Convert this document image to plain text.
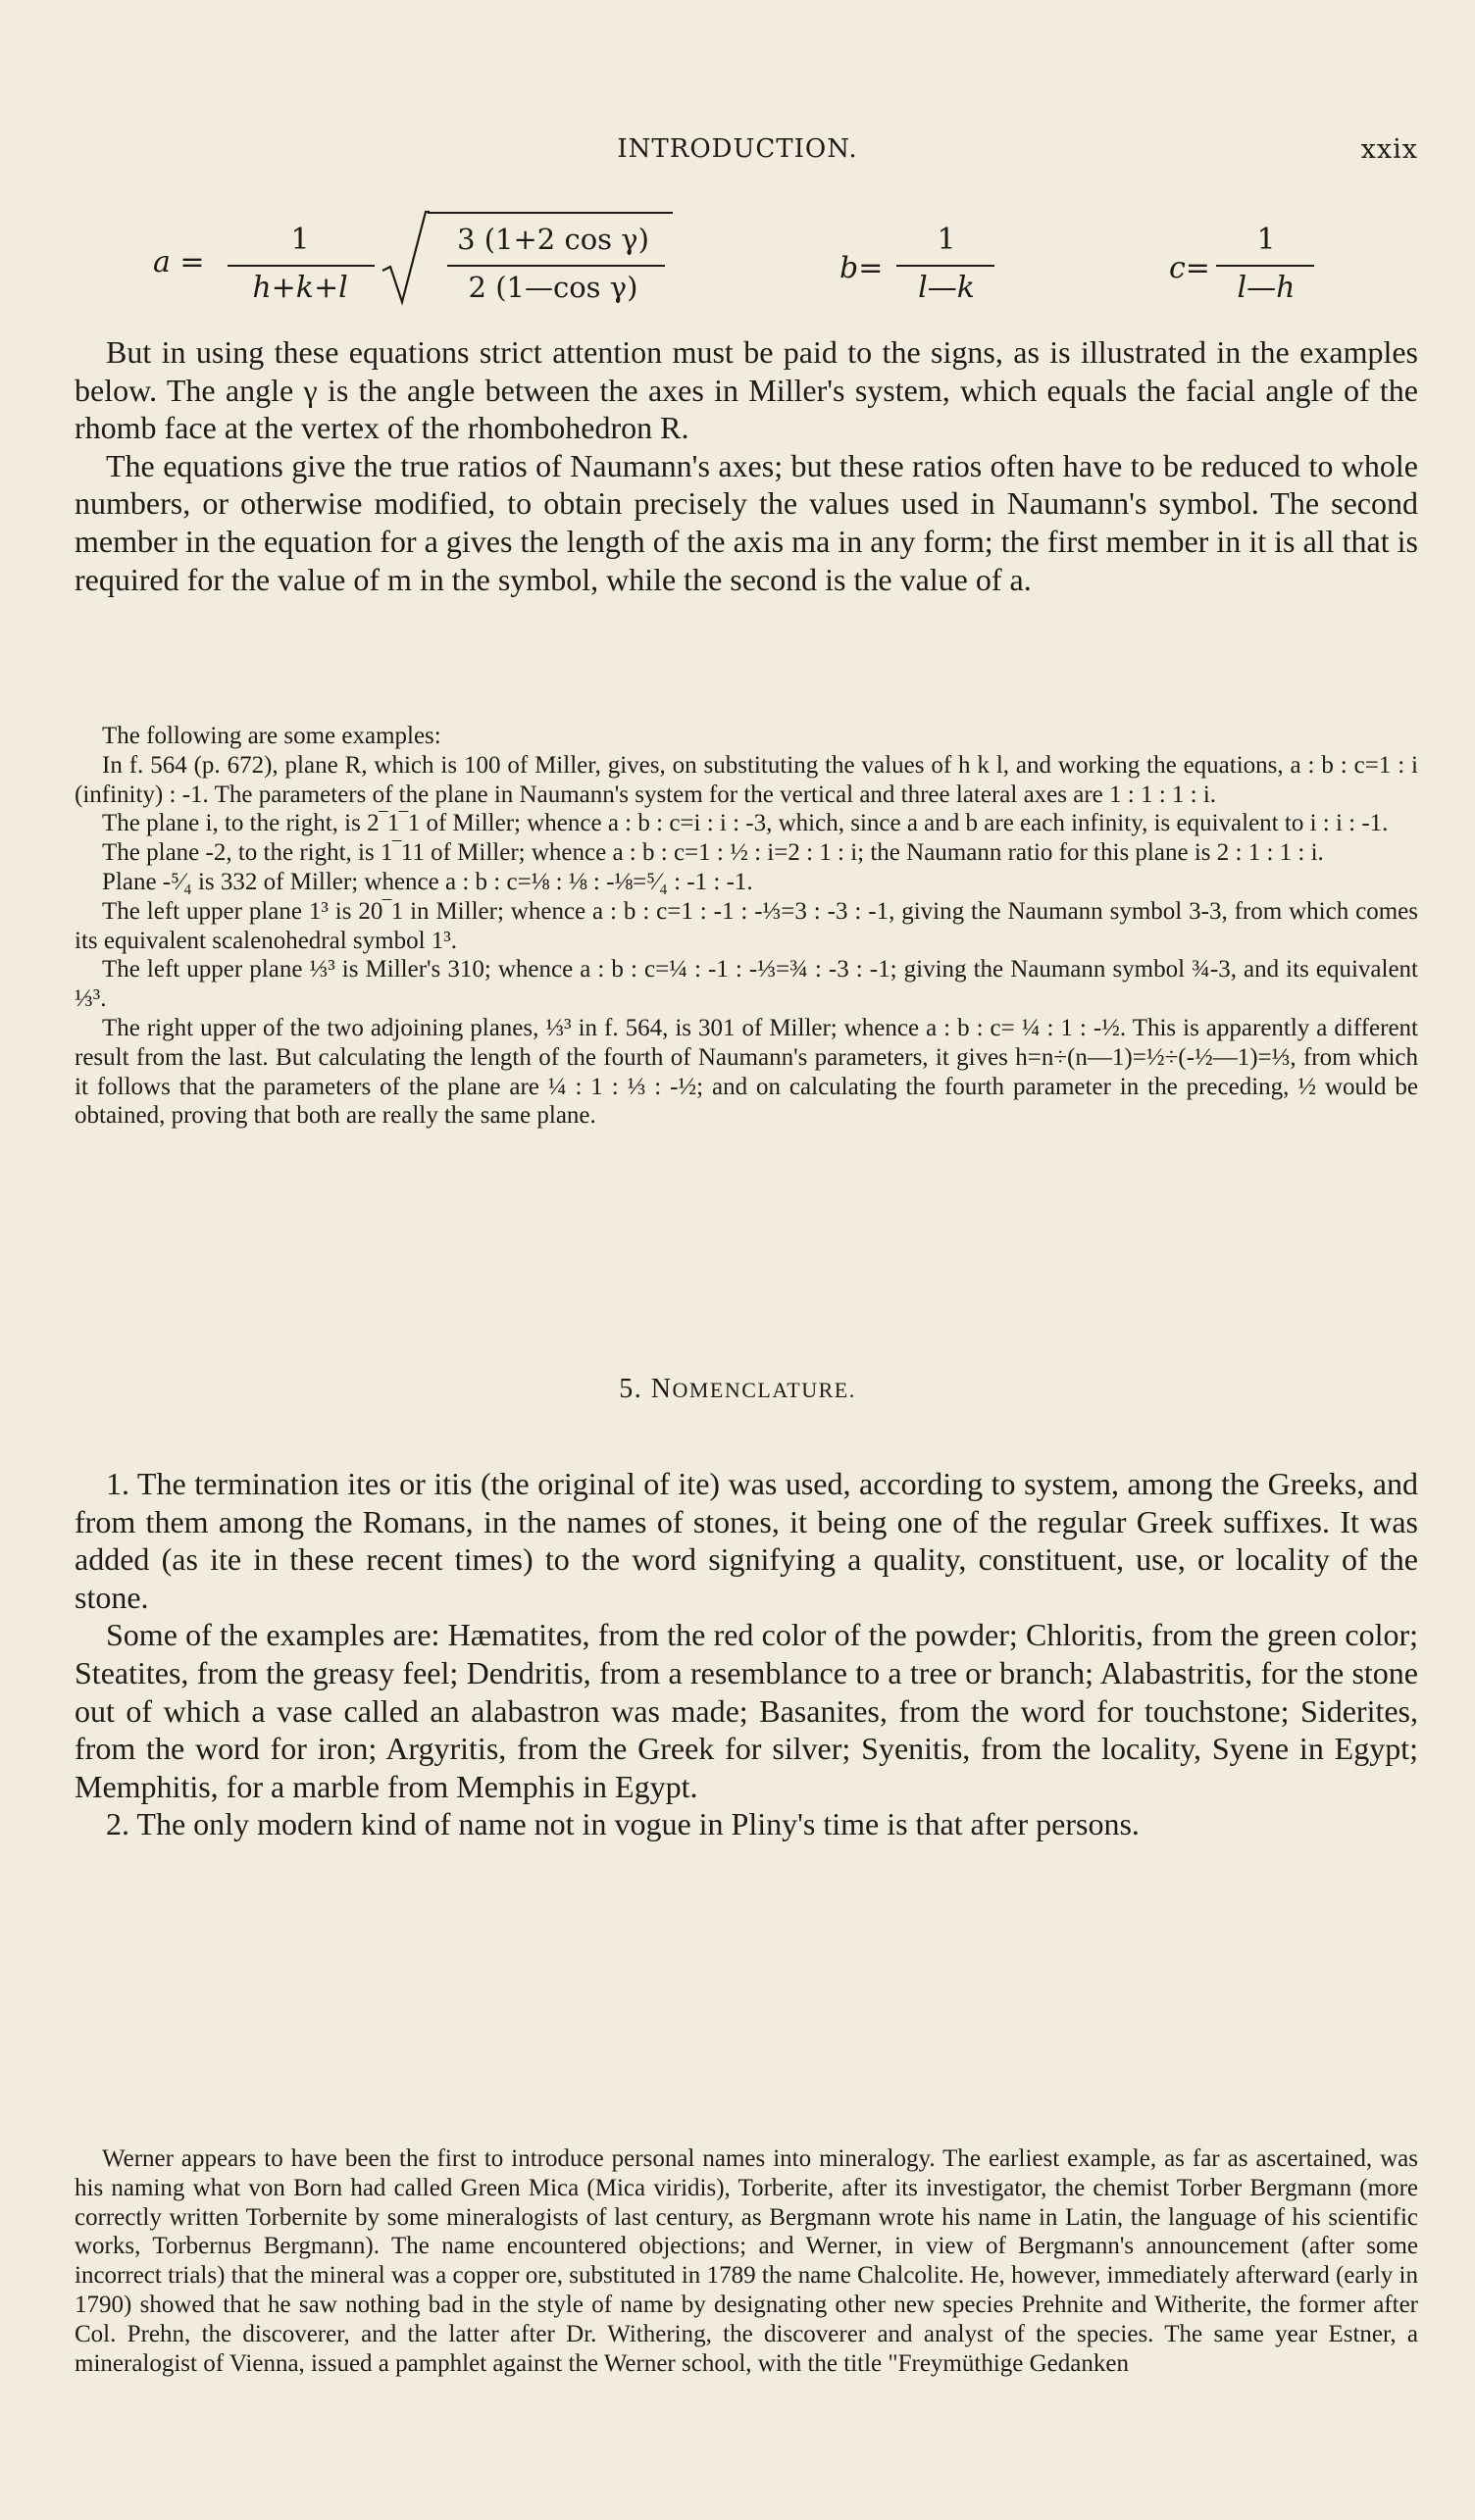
INTRODUCTION.	xxix
a =
1
h+k+l
3 (1+2 cos γ)
2 (1—cos γ)
b=
1
l—k
c=
1
l—h

But in using these equations strict attention must be paid to the signs, as is illustrated in the examples below. The angle γ is the angle between the axes in Miller's system, which equals the facial angle of the rhomb face at the vertex of the rhombohedron R.

The equations give the true ratios of Naumann's axes; but these ratios often have to be reduced to whole numbers, or otherwise modified, to obtain precisely the values used in Naumann's symbol. The second member in the equation for a gives the length of the axis ma in any form; the first member in it is all that is required for the value of m in the symbol, while the second is the value of a.

The following are some examples:

In f. 564 (p. 672), plane R, which is 100 of Miller, gives, on substituting the values of h k l, and working the equations, a : b : c=1 : i (infinity) : -1. The parameters of the plane in Naumann's system for the vertical and three lateral axes are 1 : 1 : 1 : i.

The plane i, to the right, is 2‾1‾1 of Miller; whence a : b : c=i : i : -3, which, since a and b are each infinity, is equivalent to i : i : -1.

The plane -2, to the right, is 1‾11 of Miller; whence a : b : c=1 : ½ : i=2 : 1 : i; the Naumann ratio for this plane is 2 : 1 : 1 : i.

Plane -⁵⁄₄ is 332 of Miller; whence a : b : c=⅛ : ⅛ : -⅛=⁵⁄₄ : -1 : -1.

The left upper plane 1³ is 20‾1 in Miller; whence a : b : c=1 : -1 : -⅓=3 : -3 : -1, giving the Naumann symbol 3-3, from which comes its equivalent scalenohedral symbol 1³.

The left upper plane ⅓³ is Miller's 310; whence a : b : c=¼ : -1 : -⅓=¾ : -3 : -1; giving the Naumann symbol ¾-3, and its equivalent ⅓³.

The right upper of the two adjoining planes, ⅓³ in f. 564, is 301 of Miller; whence a : b : c= ¼ : 1 : -½. This is apparently a different result from the last. But calculating the length of the fourth of Naumann's parameters, it gives h=n÷(n—1)=½÷(-½—1)=⅓, from which it follows that the parameters of the plane are ¼ : 1 : ⅓ : -½; and on calculating the fourth parameter in the preceding, ½ would be obtained, proving that both are really the same plane.

5. NOMENCLATURE.

1. The termination ites or itis (the original of ite) was used, according to system, among the Greeks, and from them among the Romans, in the names of stones, it being one of the regular Greek suffixes. It was added (as ite in these recent times) to the word signifying a quality, constituent, use, or locality of the stone.

Some of the examples are: Hæmatites, from the red color of the powder; Chloritis, from the green color; Steatites, from the greasy feel; Dendritis, from a resemblance to a tree or branch; Alabastritis, for the stone out of which a vase called an alabastron was made; Basanites, from the word for touchstone; Siderites, from the word for iron; Argyritis, from the Greek for silver; Syenitis, from the locality, Syene in Egypt; Memphitis, for a marble from Memphis in Egypt.

2. The only modern kind of name not in vogue in Pliny's time is that after persons.

Werner appears to have been the first to introduce personal names into mineralogy. The earliest example, as far as ascertained, was his naming what von Born had called Green Mica (Mica viridis), Torberite, after its investigator, the chemist Torber Bergmann (more correctly written Torbernite by some mineralogists of last century, as Bergmann wrote his name in Latin, the language of his scientific works, Torbernus Bergmann). The name encountered objections; and Werner, in view of Bergmann's announcement (after some incorrect trials) that the mineral was a copper ore, substituted in 1789 the name Chalcolite. He, however, immediately afterward (early in 1790) showed that he saw nothing bad in the style of name by designating other new species Prehnite and Witherite, the former after Col. Prehn, the discoverer, and the latter after Dr. Withering, the discoverer and analyst of the species. The same year Estner, a mineralogist of Vienna, issued a pamphlet against the Werner school, with the title "Freymüthige Gedanken
